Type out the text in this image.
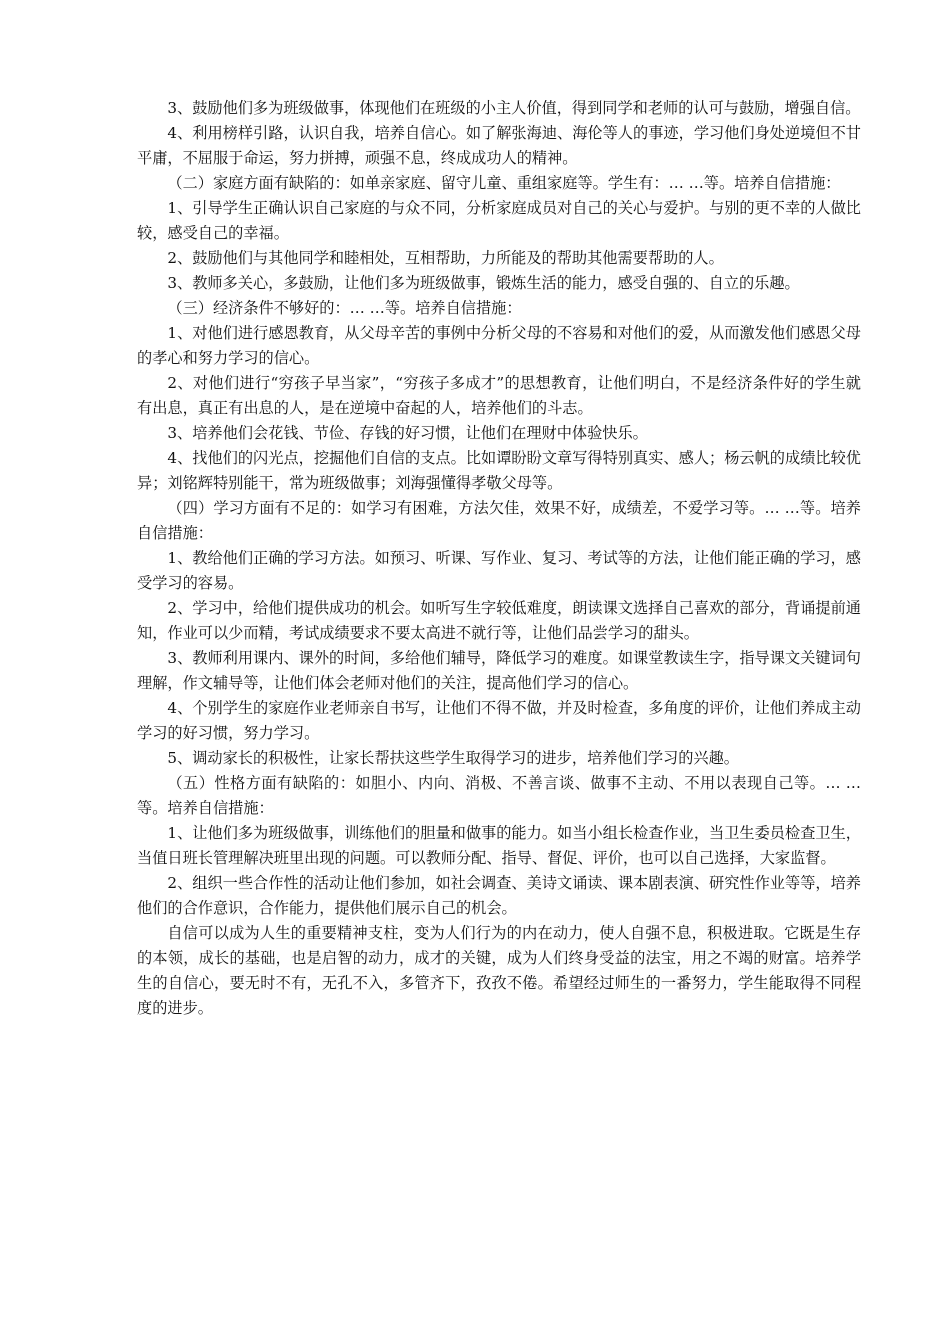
3、鼓励他们多为班级做事，体现他们在班级的小主人价值，得到同学和老师的认可与鼓励，增强自信。

4、利用榜样引路，认识自我，培养自信心。如了解张海迪、海伦等人的事迹，学习他们身处逆境但不甘平庸，不屈服于命运，努力拼搏，顽强不息，终成成功人的精神。

（二）家庭方面有缺陷的：如单亲家庭、留守儿童、重组家庭等。学生有：… …等。培养自信措施：

1、引导学生正确认识自己家庭的与众不同，分析家庭成员对自己的关心与爱护。与别的更不幸的人做比较，感受自己的幸福。

2、鼓励他们与其他同学和睦相处，互相帮助，力所能及的帮助其他需要帮助的人。

3、教师多关心，多鼓励，让他们多为班级做事，锻炼生活的能力，感受自强的、自立的乐趣。

（三）经济条件不够好的：… …等。培养自信措施：

1、对他们进行感恩教育，从父母辛苦的事例中分析父母的不容易和对他们的爱，从而激发他们感恩父母的孝心和努力学习的信心。

2、对他们进行“穷孩子早当家”，“穷孩子多成才”的思想教育，让他们明白，不是经济条件好的学生就有出息，真正有出息的人，是在逆境中奋起的人，培养他们的斗志。

3、培养他们会花钱、节俭、存钱的好习惯，让他们在理财中体验快乐。

4、找他们的闪光点，挖掘他们自信的支点。比如谭盼盼文章写得特别真实、感人；杨云帆的成绩比较优异；刘铭辉特别能干，常为班级做事；刘海强懂得孝敬父母等。

（四）学习方面有不足的：如学习有困难，方法欠佳，效果不好，成绩差，不爱学习等。… …等。培养自信措施：

1、教给他们正确的学习方法。如预习、听课、写作业、复习、考试等的方法，让他们能正确的学习，感受学习的容易。

2、学习中，给他们提供成功的机会。如听写生字较低难度，朗读课文选择自己喜欢的部分，背诵提前通知，作业可以少而精，考试成绩要求不要太高进不就行等，让他们品尝学习的甜头。

3、教师利用课内、课外的时间，多给他们辅导，降低学习的难度。如课堂教读生字，指导课文关键词句理解，作文辅导等，让他们体会老师对他们的关注，提高他们学习的信心。

4、个别学生的家庭作业老师亲自书写，让他们不得不做，并及时检查，多角度的评价，让他们养成主动学习的好习惯，努力学习。

5、调动家长的积极性，让家长帮扶这些学生取得学习的进步，培养他们学习的兴趣。

（五）性格方面有缺陷的：如胆小、内向、消极、不善言谈、做事不主动、不用以表现自己等。… …等。培养自信措施：

1、让他们多为班级做事，训练他们的胆量和做事的能力。如当小组长检查作业，当卫生委员检查卫生，当值日班长管理解决班里出现的问题。可以教师分配、指导、督促、评价，也可以自己选择，大家监督。

2、组织一些合作性的活动让他们参加，如社会调查、美诗文诵读、课本剧表演、研究性作业等等，培养他们的合作意识，合作能力，提供他们展示自己的机会。

自信可以成为人生的重要精神支柱，变为人们行为的内在动力，使人自强不息，积极进取。它既是生存的本领，成长的基础，也是启智的动力，成才的关键，成为人们终身受益的法宝，用之不竭的财富。培养学生的自信心，要无时不有，无孔不入，多管齐下，孜孜不倦。希望经过师生的一番努力，学生能取得不同程度的进步。
